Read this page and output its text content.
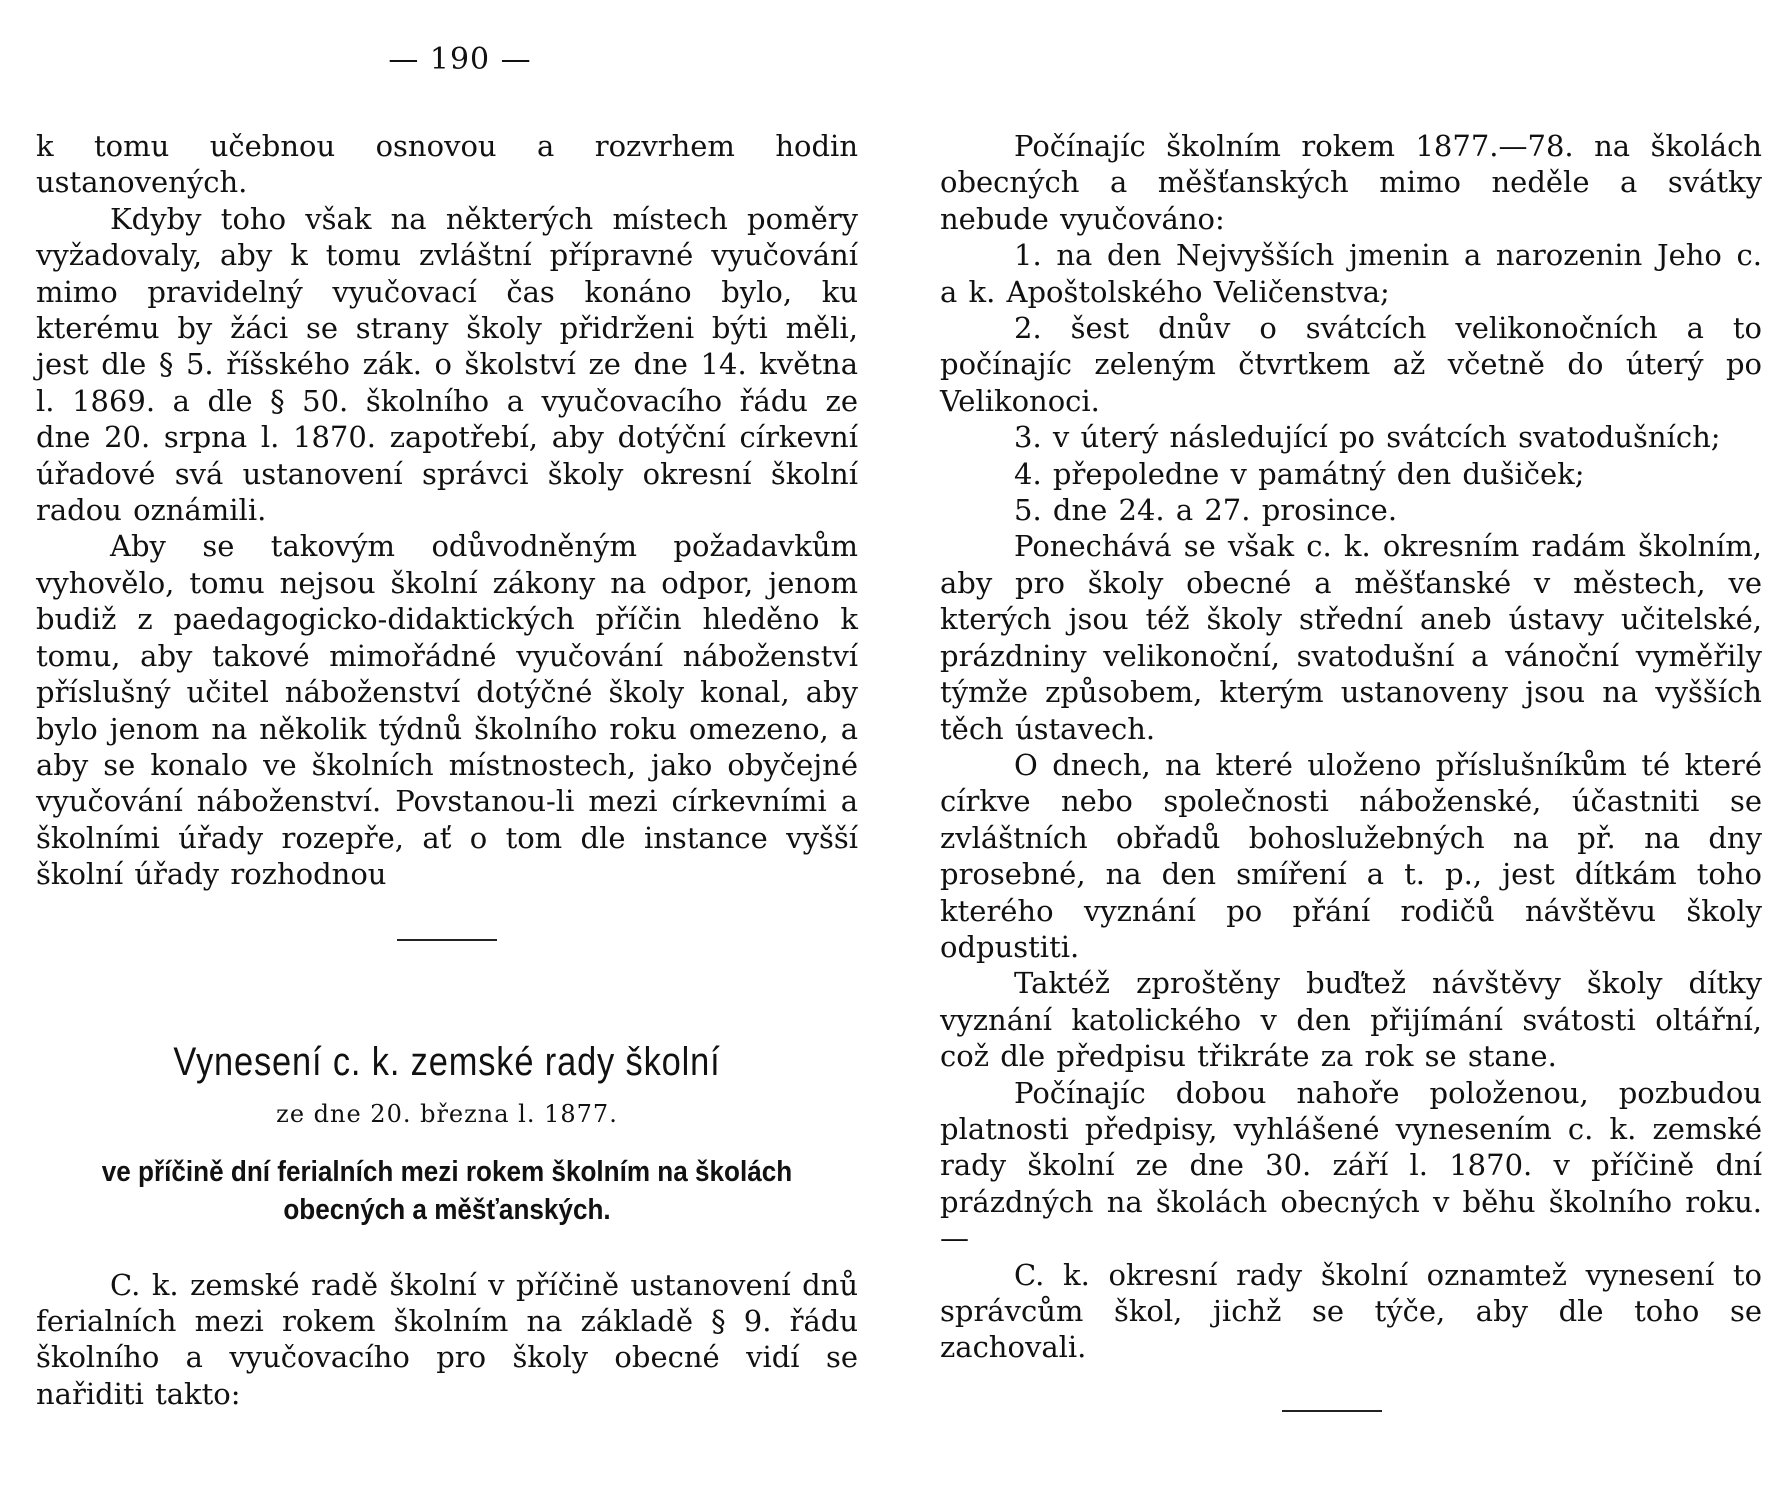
— 190 —

k tomu učebnou osnovou a rozvrhem hodin ustanovených.

Kdyby toho však na některých místech poměry vyžadovaly, aby k tomu zvláštní přípravné vyučování mimo pravidelný vyučovací čas konáno bylo, ku kterému by žáci se strany školy přidrženi býti měli, jest dle § 5. říšského zák. o školství ze dne 14. května l. 1869. a dle § 50. školního a vyučovacího řádu ze dne 20. srpna l. 1870. zapotřebí, aby dotýční církevní úřadové svá ustanovení správci školy okresní školní radou oznámili.

Aby se takovým odůvodněným požadavkům vyhovělo, tomu nejsou školní zákony na odpor, jenom budiž z paedagogicko-didaktických příčin hleděno k tomu, aby takové mimořádné vyučování náboženství příslušný učitel náboženství dotýčné školy konal, aby bylo jenom na několik týdnů školního roku omezeno, a aby se konalo ve školních místnostech, jako obyčejné vyučování náboženství. Povstanou-li mezi církevními a školními úřady rozepře, ať o tom dle instance vyšší školní úřady rozhodnou

Vynesení c. k. zemské rady školní
ze dne 20. března l. 1877.
ve příčině dní ferialních mezi rokem školním na školách obecných a měšťanských.

C. k. zemské radě školní v příčině ustanovení dnů ferialních mezi rokem školním na základě § 9. řádu školního a vyučovacího pro školy obecné vidí se nařiditi takto:

Počínajíc školním rokem 1877.—78. na školách obecných a měšťanských mimo neděle a svátky nebude vyučováno:

1. na den Nejvyšších jmenin a narozenin Jeho c. a k. Apoštolského Veličenstva;

2. šest dnův o svátcích velikonočních a to počínajíc zeleným čtvrtkem až včetně do úterý po Velikonoci.

3. v úterý následující po svátcích svatodušních;

4. přepoledne v památný den dušiček;

5. dne 24. a 27. prosince.

Ponechává se však c. k. okresním radám školním, aby pro školy obecné a měšťanské v městech, ve kterých jsou též školy střední aneb ústavy učitelské, prázdniny velikonoční, svatodušní a vánoční vyměřily týmže způsobem, kterým ustanoveny jsou na vyšších těch ústavech.

O dnech, na které uloženo příslušníkům té které církve nebo společnosti náboženské, účastniti se zvláštních obřadů bohoslužebných na př. na dny prosebné, na den smíření a t. p., jest dítkám toho kterého vyznání po přání rodičů návštěvu školy odpustiti.

Taktéž zproštěny buďtež návštěvy školy dítky vyznání katolického v den přijímání svátosti oltářní, což dle předpisu třikráte za rok se stane.

Počínajíc dobou nahoře položenou, pozbudou platnosti předpisy, vyhlášené vynesením c. k. zemské rady školní ze dne 30. září l. 1870. v příčině dní prázdných na školách obecných v běhu školního roku. —

C. k. okresní rady školní oznamtež vynesení to správcům škol, jichž se týče, aby dle toho se zachovali.
